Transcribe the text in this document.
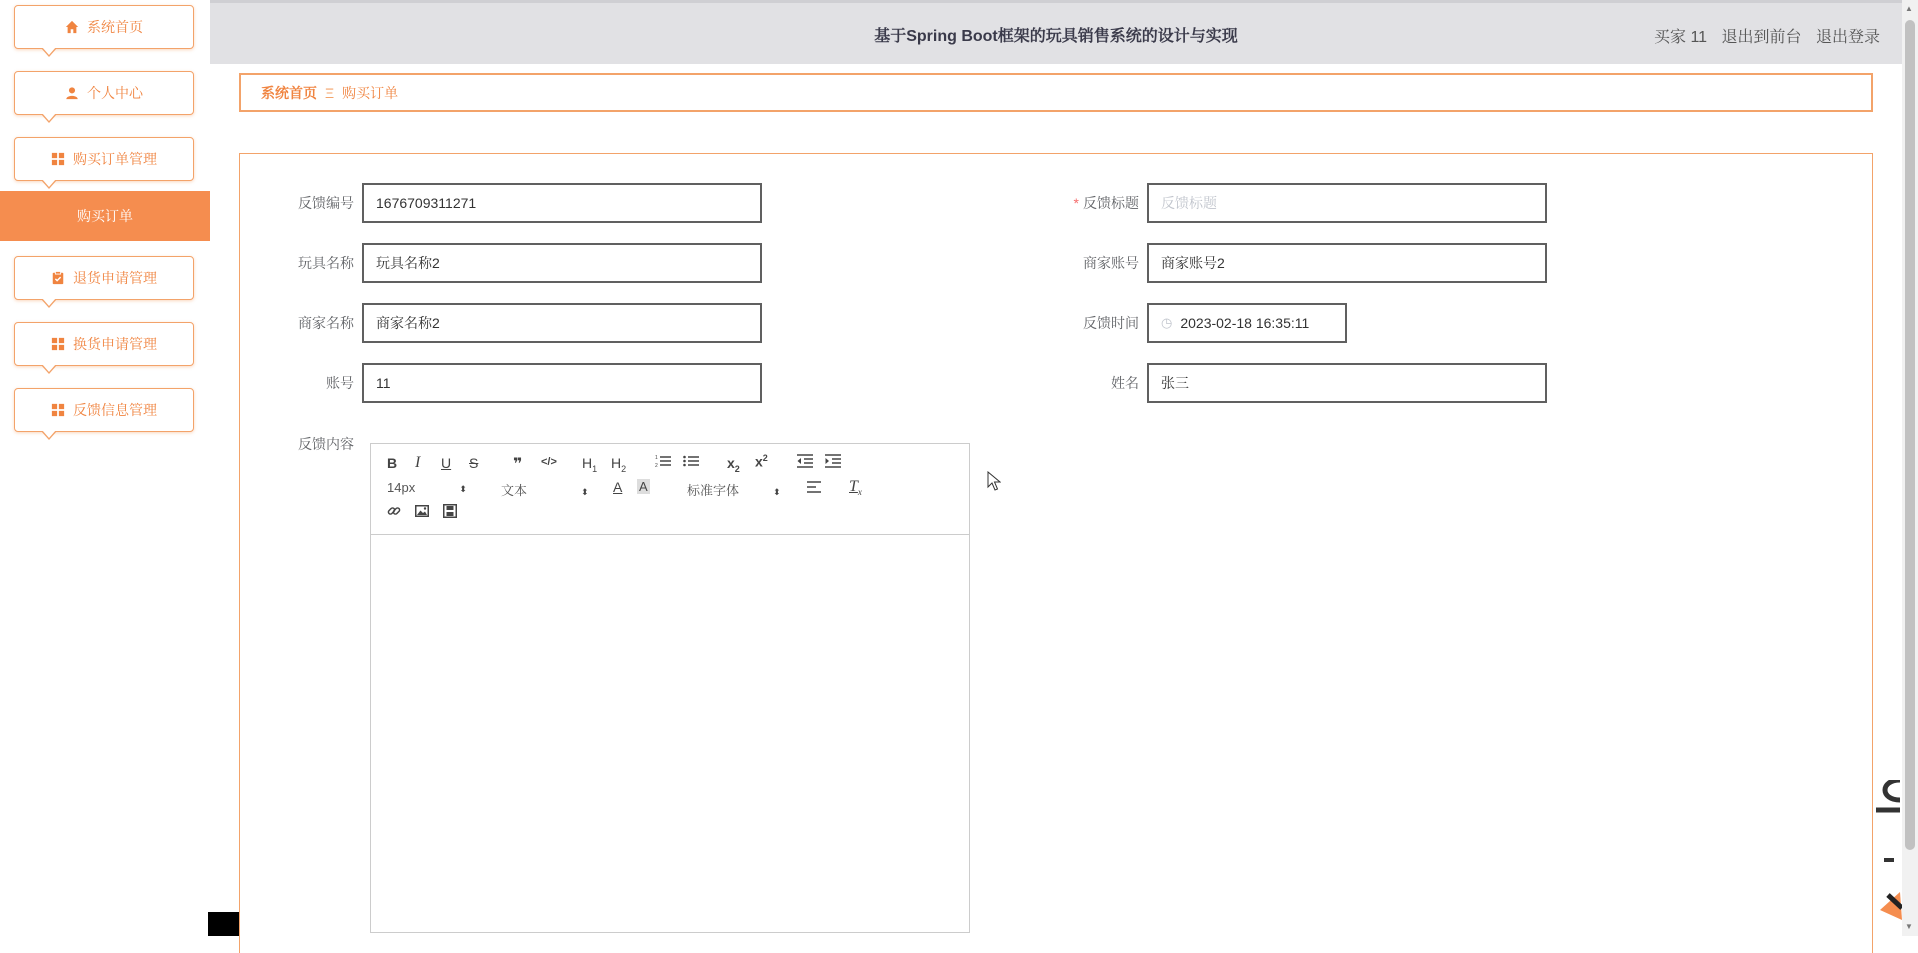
系统首页
个人中心
购买订单管理
购买订单
退货申请管理
换货申请管理
反馈信息管理
基于Spring Boot框架的玩具销售系统的设计与实现	买家 11 退出到前台 退出登录
系统首页 Ξ 购买订单
反馈编号	1676709311271
玩具名称	玩具名称2
商家名称	商家名称2
账号	11
反馈内容
* 反馈标题	反馈标题
商家账号	商家账号2
反馈时间 ◷ 2023-02-18 16:35:11
姓名	张三
B I U S ❞ </> $H_1$ $H_2$
1
2	$x_2$ $x^2$
14px	⬍	文本	⬍ A A	标准字体	⬍	$T_x$
▲
▼
